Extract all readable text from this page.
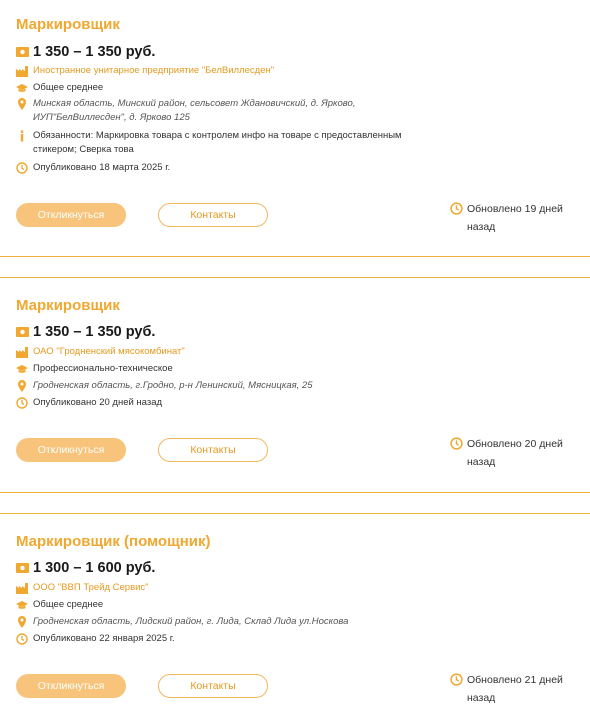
Маркировщик
1 350 – 1 350 руб.
Иностранное унитарное предприятие "БелВиллесден"
Общее среднее
Минская область, Минский район, сельсовет Ждановичский, д. Ярково, ИУП"БелВиллесден", д. Ярково 125
Обязанности: Маркировка товара с контролем инфо на товаре с предоставленным стикером; Сверка това
Опубликовано 18 марта 2025 г.
Откликнуться	Контакты	Обновлено 19 дней назад
Маркировщик
1 350 – 1 350 руб.
ОАО "Гродненский мясокомбинат"
Профессионально-техническое
Гродненская область, г.Гродно, р-н Ленинский, Мясницкая, 25
Опубликовано 20 дней назад
Откликнуться	Контакты	Обновлено 20 дней назад
Маркировщик (помощник)
1 300 – 1 600 руб.
ООО "ВВП Трейд Сервис"
Общее среднее
Гродненская область, Лидский район, г. Лида, Склад Лида ул.Носкова
Опубликовано 22 января 2025 г.
Откликнуться	Контакты	Обновлено 21 дней назад
